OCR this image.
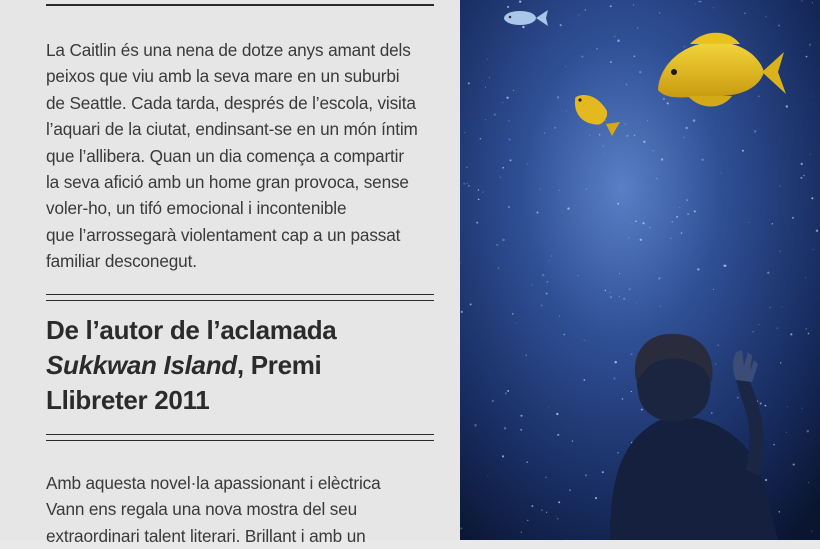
La Caitlin és una nena de dotze anys amant dels
peixos que viu amb la seva mare en un suburbi
de Seattle. Cada tarda, després de l’escola, visita
l’aquari de la ciutat, endinsant-se en un món íntim
que l’allibera. Quan un dia comença a compartir
la seva afició amb un home gran provoca, sense
voler-ho, un tifó emocional i incontenible
que l’arrossegarà violentament cap a un passat
familiar desconegut.

De l’autor de l’aclamada
Sukkwan Island, Premi
Llibreter 2011

Amb aquesta novel·la apassionant i elèctrica
Vann ens regala una nova mostra del seu
extraordinari talent literari. Brillant i amb un
